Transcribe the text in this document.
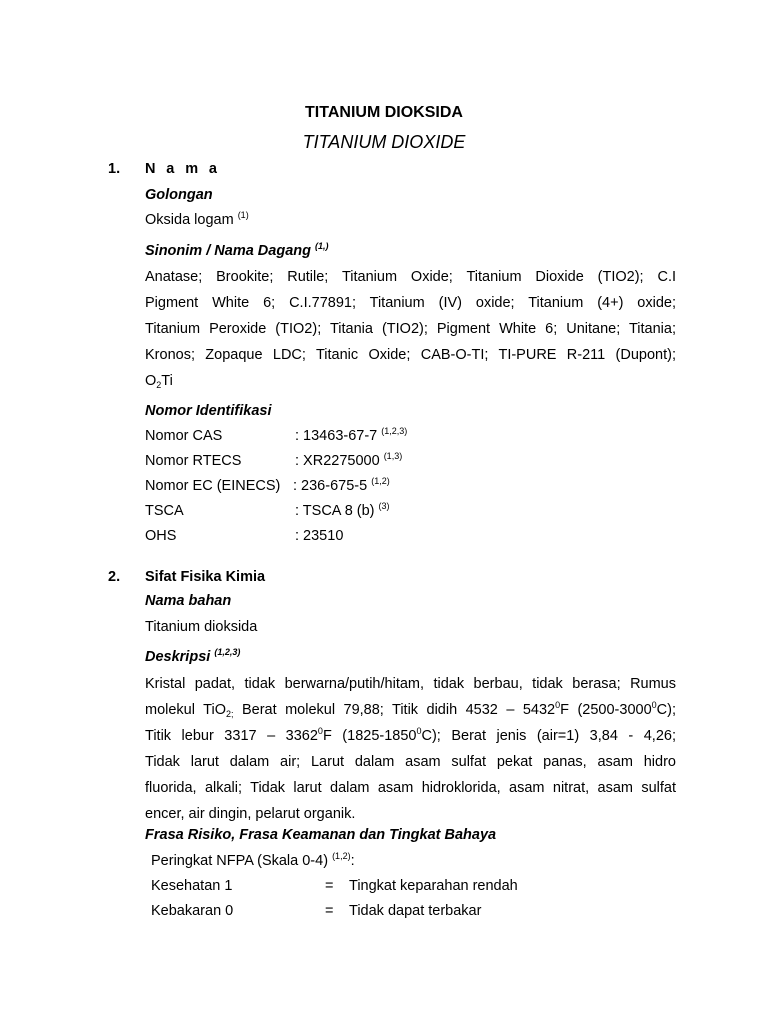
TITANIUM DIOKSIDA
TITANIUM DIOXIDE
1. N a m a
Golongan
Oksida logam $^{(1)}$
Sinonim / Nama Dagang $^{(1,)}$
Anatase; Brookite; Rutile; Titanium Oxide; Titanium Dioxide (TIO2); C.I
Pigment White 6; C.I.77891; Titanium (IV) oxide; Titanium (4+) oxide;
Titanium Peroxide (TIO2); Titania (TIO2); Pigment White 6; Unitane; Titania;
Kronos; Zopaque LDC; Titanic Oxide; CAB-O-TI; TI-PURE R-211 (Dupont);
$O_2Ti$
Nomor Identifikasi
Nomor CAS	: 13463-67-7 $^{(1,2,3)}$
Nomor RTECS	: XR2275000 $^{(1,3)}$
Nomor EC (EINECS) : 236-675-5 $^{(1,2)}$
TSCA	: TSCA 8 (b) $^{(3)}$
OHS	: 23510
2. Sifat Fisika Kimia
Nama bahan
Titanium dioksida
Deskripsi $^{(1,2,3)}$
Kristal padat, tidak berwarna/putih/hitam, tidak berbau, tidak berasa; Rumus
molekul TiO$_{2;}$ Berat molekul 79,88; Titik didih 4532 – 5432$^0$F (2500-3000$^0$C);
Titik lebur 3317 – 3362$^0$F (1825-1850$^0$C); Berat jenis (air=1) 3,84 - 4,26;
Tidak larut dalam air; Larut dalam asam sulfat pekat panas, asam hidro
fluorida, alkali; Tidak larut dalam asam hidroklorida, asam nitrat, asam sulfat
encer, air dingin, pelarut organik.
Frasa Risiko, Frasa Keamanan dan Tingkat Bahaya
Peringkat NFPA (Skala 0-4) $^{(1,2)}$:
Kesehatan 1	= Tingkat keparahan rendah
Kebakaran 0	= Tidak dapat terbakar
